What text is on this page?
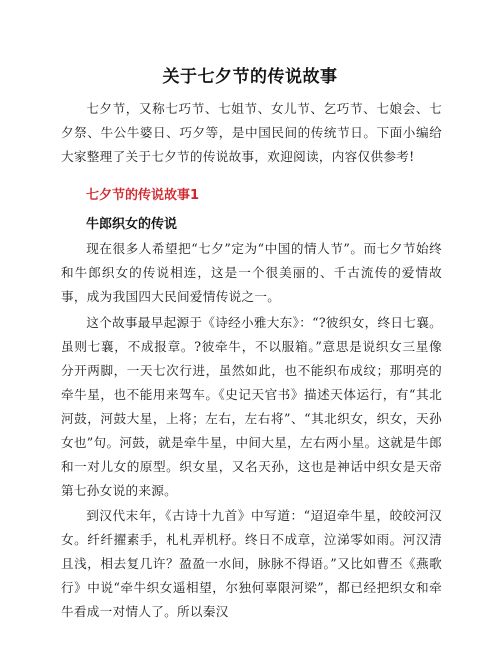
关于七夕节的传说故事
七夕节，又称七巧节、七姐节、女儿节、乞巧节、七娘会、七夕祭、牛公牛婆日、巧夕等，是中国民间的传统节日。下面小编给大家整理了关于七夕节的传说故事，欢迎阅读，内容仅供参考!
七夕节的传说故事1
牛郎织女的传说
现在很多人希望把“七夕”定为“中国的情人节”。而七夕节始终和牛郎织女的传说相连，这是一个很美丽的、千古流传的爱情故事，成为我国四大民间爱情传说之一。
这个故事最早起源于《诗经小雅大东》：“?彼织女，终日七襄。虽则七襄，不成报章。?彼牵牛，不以服箱。”意思是说织女三星像分开两脚，一天七次行进，虽然如此，也不能织布成纹；那明亮的牵牛星，也不能用来驾车。《史记天官书》描述天体运行，有“其北河鼓，河鼓大星，上将；左右，左右将”、“其北织女，织女，天孙女也”句。河鼓，就是牵牛星，中间大星，左右两小星。这就是牛郎和一对儿女的原型。织女星，又名天孙，这也是神话中织女是天帝第七孙女说的来源。
到汉代末年，《古诗十九首》中写道：“迢迢牵牛星，皎皎河汉女。纤纤擢素手，札札弄机杼。终日不成章，泣涕零如雨。河汉清且浅，相去复几许？盈盈一水间，脉脉不得语。”又比如曹丕《燕歌行》中说“牵牛织女遥相望，尔独何辜限河梁”，都已经把织女和牵牛看成一对情人了。所以秦汉
